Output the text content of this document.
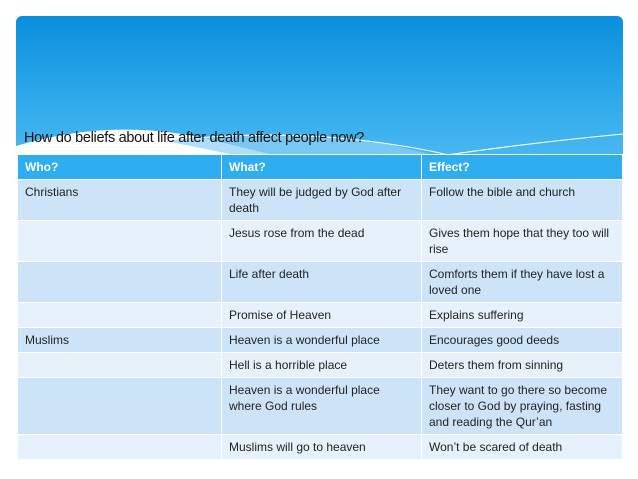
How do beliefs about life after death affect people now?
Who?	What?	Effect?
Christians	They will be judged by God after death	Follow the bible and church
	Jesus rose from the dead	Gives them hope that they too will rise
	Life after death	Comforts them if they have lost a loved one
	Promise of Heaven	Explains suffering
Muslims	Heaven is a wonderful place	Encourages good deeds
	Hell is a horrible place	Deters them from sinning
	Heaven is a wonderful place where God rules	They want to go there so become closer to God by praying, fasting and reading the Qur’an
	Muslims will go to heaven	Won’t be scared of death
